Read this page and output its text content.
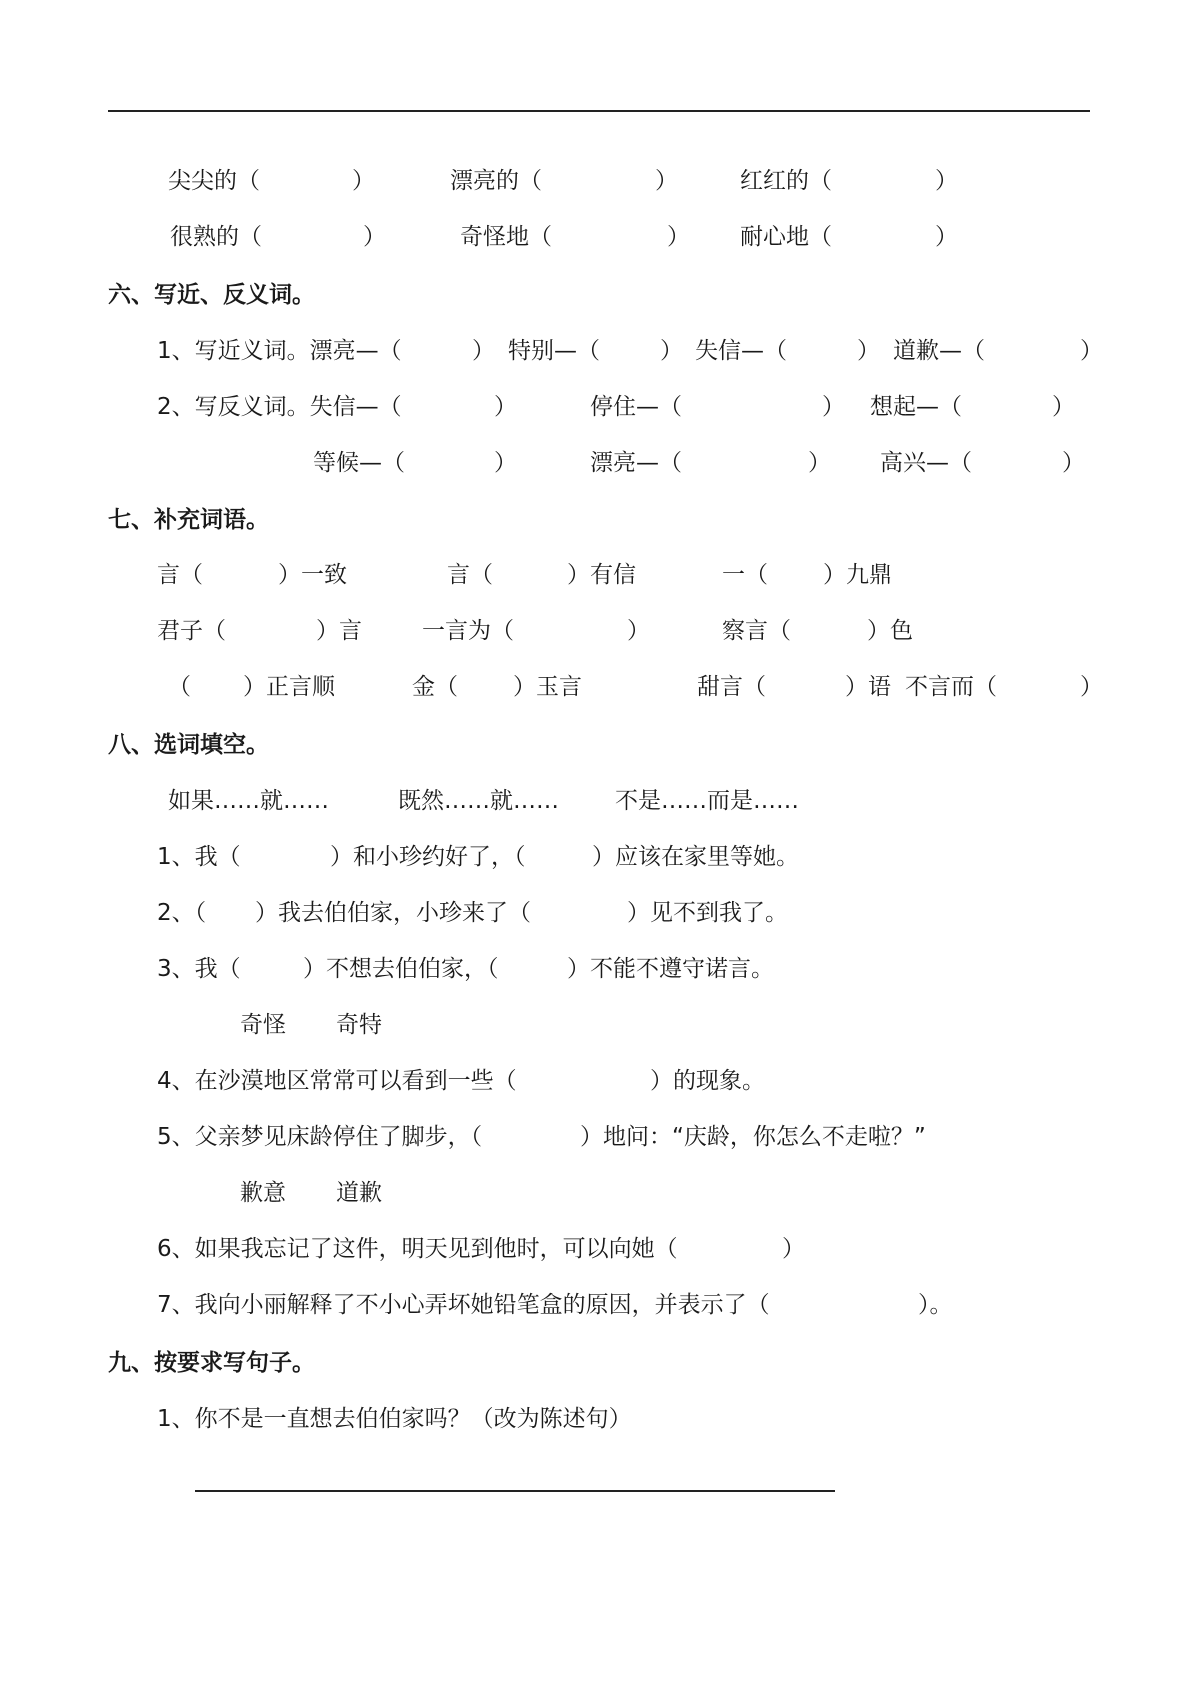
尖尖的（	）	漂亮的（	）	红红的（	）
很熟的（	）	奇怪地（	） 耐心地（	）
六、写近、反义词。
1、写近义词。漂亮—（	） 特别—（	） 失信—（	） 道歉—（	）
2、写反义词。失信—（	）	停住—（	） 想起—（	）
等候—（	）	漂亮—（	） 高兴—（	）
七、补充词语。
言（	）一致	言（	）有信	一（ ）九鼎
君子（	）言	一言为（	）	察言（	）色
（ ）正言顺	金（ ）玉言	甜言（	）语 不言而（	）
八、选词填空。
如果……就……	既然……就…… 不是……而是……
1、我（	）和小珍约好了，（	）应该在家里等她。
2、（ ）我去伯伯家，小珍来了（	）见不到我了。
3、我（	）不想去伯伯家，（	）不能不遵守诺言。
奇怪 奇特
4、在沙漠地区常常可以看到一些（	）的现象。
5、父亲梦见床龄停住了脚步，（	）地问：“庆龄，你怎么不走啦？”
歉意 道歉
6、如果我忘记了这件，明天见到他时，可以向她（	）
7、我向小丽解释了不小心弄坏她铅笔盒的原因，并表示了（	）。
九、按要求写句子。
1、你不是一直想去伯伯家吗？（改为陈述句）
